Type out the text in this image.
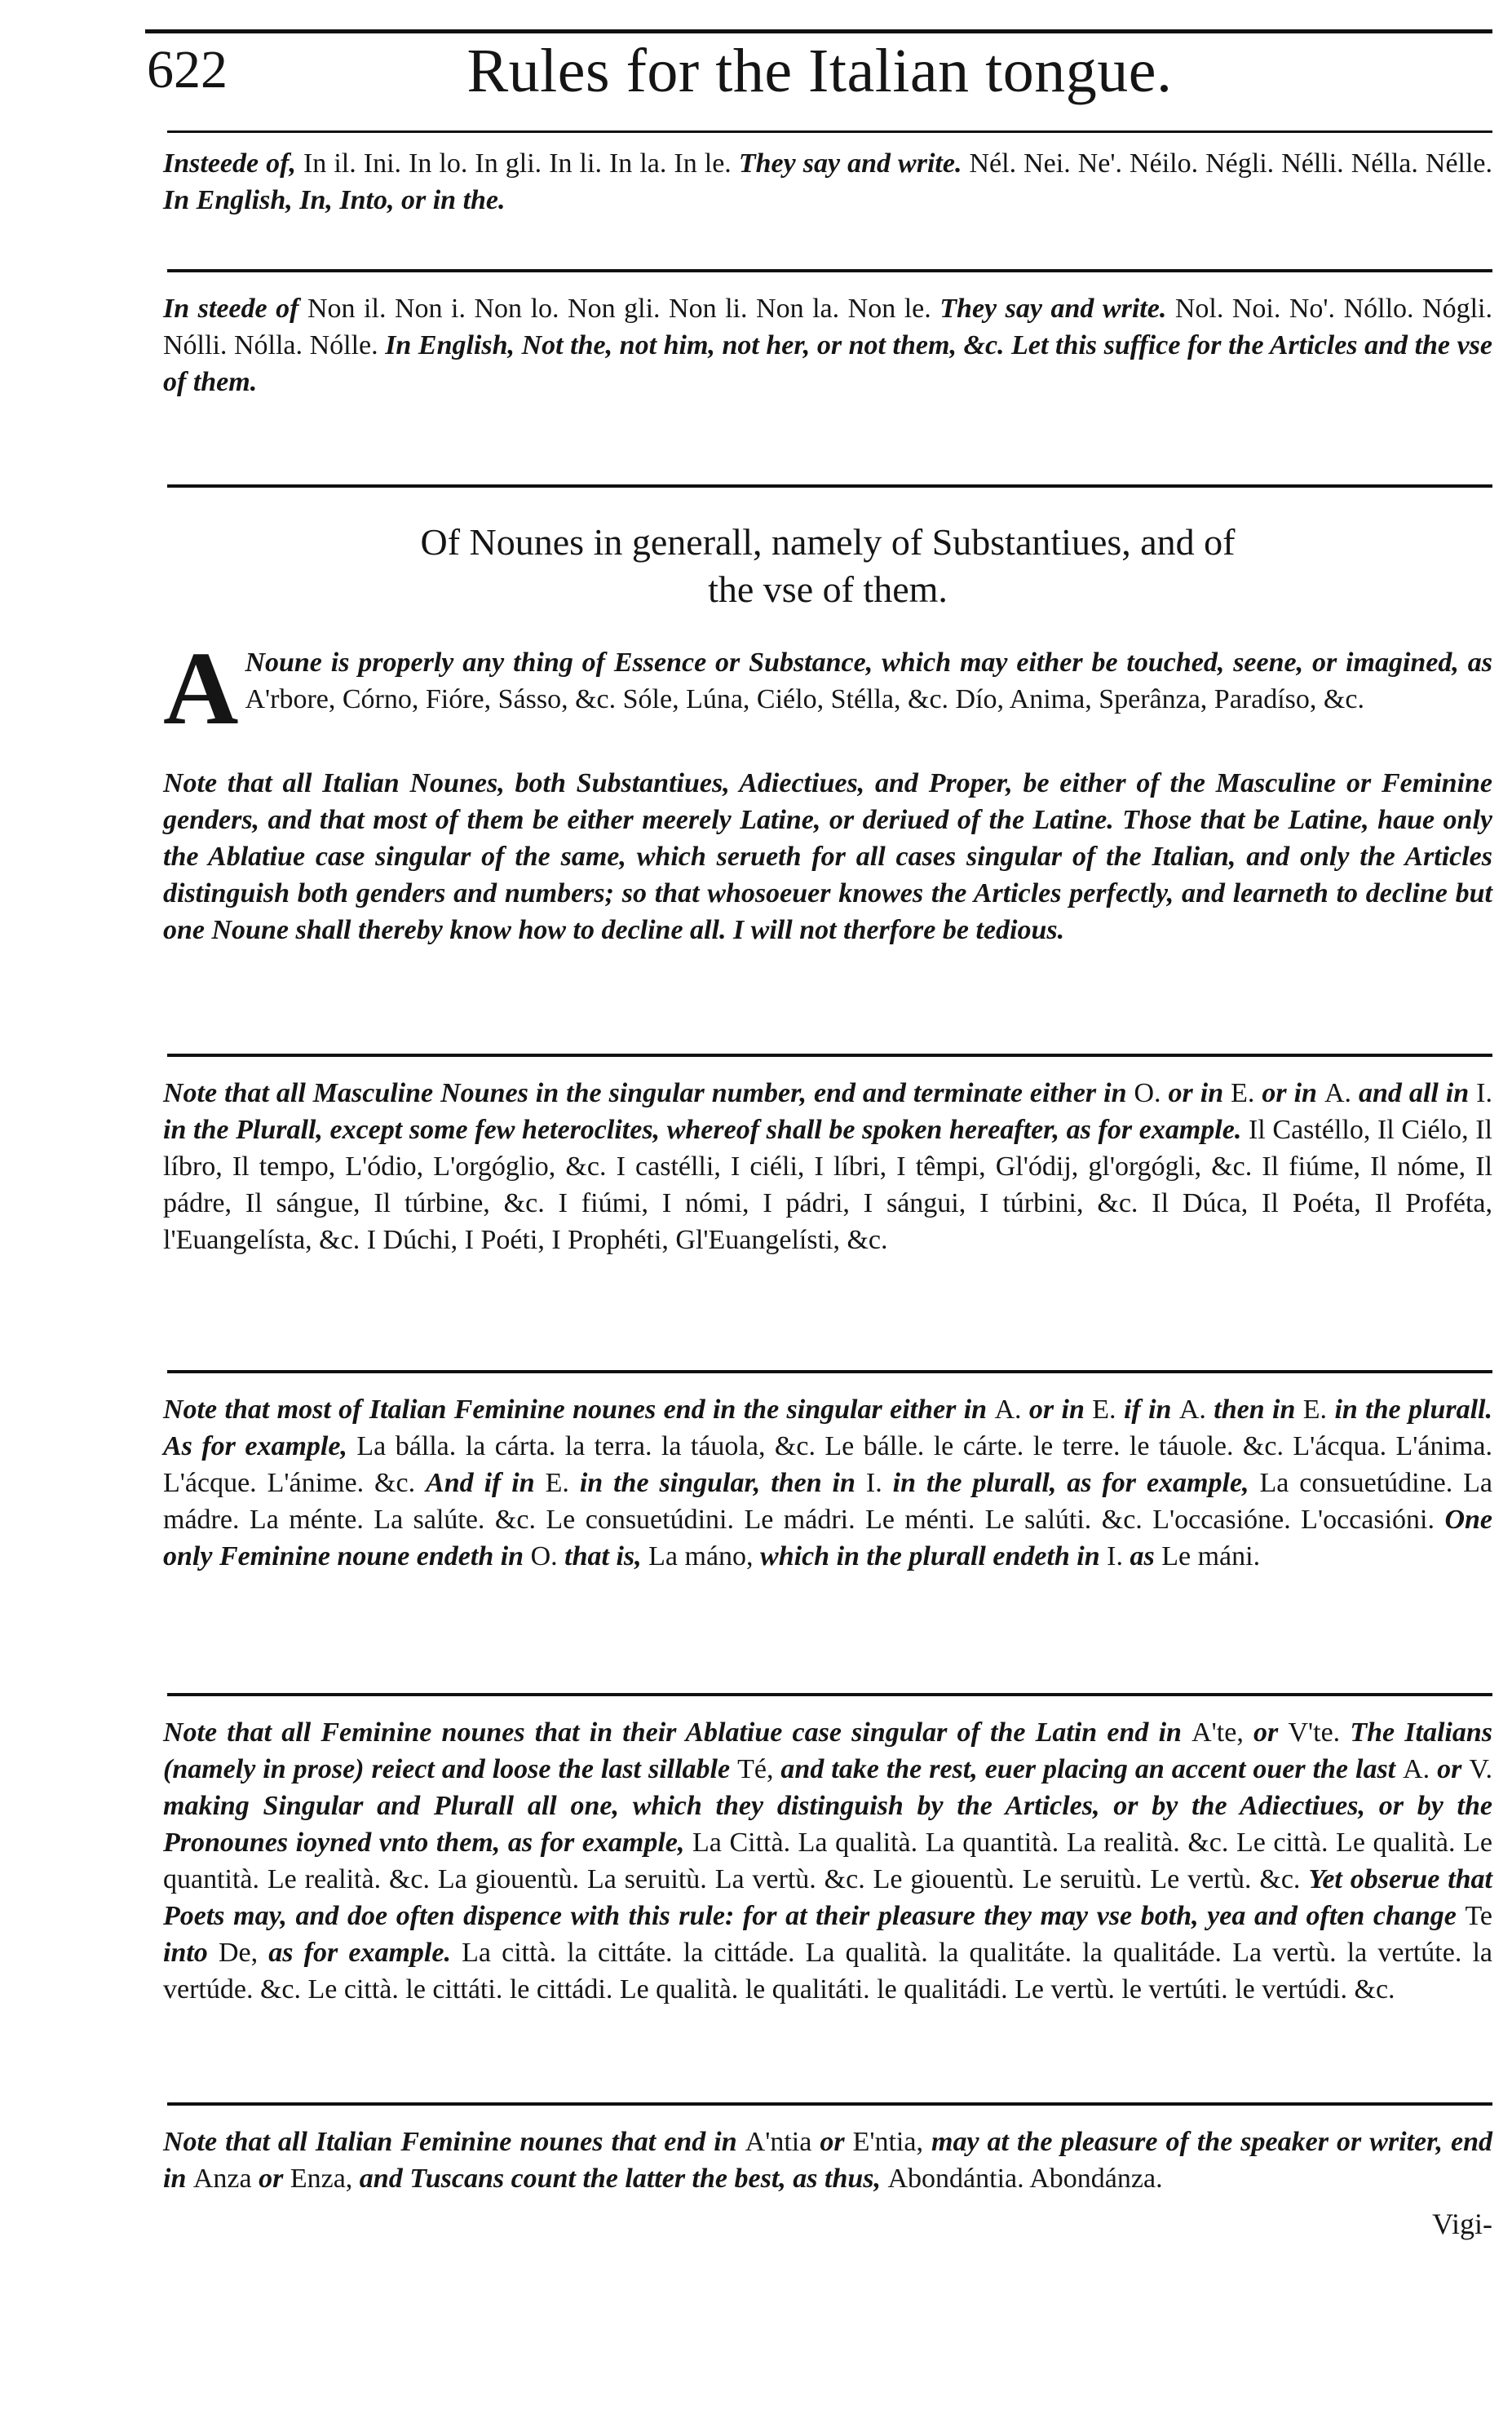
622	Rules for the Italian tongue.

Insteede of, In il. Ini. In lo. In gli. In li. In la. In le. They say and write. Nél. Nei. Ne'. Néilo. Négli. Nélli. Nélla. Nélle. In English, In, Into, or in the.

In steede of Non il. Non i. Non lo. Non gli. Non li. Non la. Non le. They say and write. Nol. Noi. No'. Nóllo. Nógli. Nólli. Nólla. Nólle. In English, Not the, not him, not her, or not them, &c. Let this suffice for the Articles and the vse of them.

Of Nounes in generall, namely of Substantiues, and of
the vse of them.

A Noune is properly any thing of Essence or Substance, which may either be touched, seene, or imagined, as A'rbore, Córno, Fióre, Sásso, &c. Sóle, Lúna, Ciélo, Stélla, &c. Dío, Anima, Sperânza, Paradíso, &c.

Note that all Italian Nounes, both Substantiues, Adiectiues, and Proper, be either of the Masculine or Feminine genders, and that most of them be either meerely Latine, or deriued of the Latine. Those that be Latine, haue only the Ablatiue case singular of the same, which serueth for all cases singular of the Italian, and only the Articles distinguish both genders and numbers; so that whosoeuer knowes the Articles perfectly, and learneth to decline but one Noune shall thereby know how to decline all. I will not therfore be tedious.

Note that all Masculine Nounes in the singular number, end and terminate either in O. or in E. or in A. and all in I. in the Plurall, except some few heteroclites, whereof shall be spoken hereafter, as for example. Il Castéllo, Il Ciélo, Il líbro, Il tempo, L'ódio, L'orgóglio, &c. I castélli, I ciéli, I líbri, I têmpi, Gl'ódij, gl'orgógli, &c. Il fiúme, Il nóme, Il pádre, Il sángue, Il túrbine, &c. I fiúmi, I nómi, I pádri, I sángui, I túrbini, &c. Il Dúca, Il Poéta, Il Proféta, l'Euangelísta, &c. I Dúchi, I Poéti, I Prophéti, Gl'Euangelísti, &c.

Note that most of Italian Feminine nounes end in the singular either in A. or in E. if in A. then in E. in the plurall. As for example, La bálla. la cárta. la terra. la táuola, &c. Le bálle. le cárte. le terre. le táuole. &c. L'ácqua. L'ánima. L'ácque. L'ánime. &c. And if in E. in the singular, then in I. in the plurall, as for example, La consuetúdine. La mádre. La ménte. La salúte. &c. Le consuetúdini. Le mádri. Le ménti. Le salúti. &c. L'occasióne. L'occasióni. One only Feminine noune endeth in O. that is, La máno, which in the plurall endeth in I. as Le máni.

Note that all Feminine nounes that in their Ablatiue case singular of the Latin end in A'te, or V'te. The Italians (namely in prose) reiect and loose the last sillable Té, and take the rest, euer placing an accent ouer the last A. or V. making Singular and Plurall all one, which they distinguish by the Articles, or by the Adiectiues, or by the Pronounes ioyned vnto them, as for example, La Città. La qualità. La quantità. La realità. &c. Le città. Le qualità. Le quantità. Le realità. &c. La giouentù. La seruitù. La vertù. &c. Le giouentù. Le seruitù. Le vertù. &c. Yet obserue that Poets may, and doe often dispence with this rule: for at their pleasure they may vse both, yea and often change Te into De, as for example. La città. la cittáte. la cittáde. La qualità. la qualitáte. la qualitáde. La vertù. la vertúte. la vertúde. &c. Le città. le cittáti. le cittádi. Le qualità. le qualitáti. le qualitádi. Le vertù. le vertúti. le vertúdi. &c.

Note that all Italian Feminine nounes that end in A'ntia or E'ntia, may at the pleasure of the speaker or writer, end in Anza or Enza, and Tuscans count the latter the best, as thus, Abondántia. Abondánza.

Vigi-
